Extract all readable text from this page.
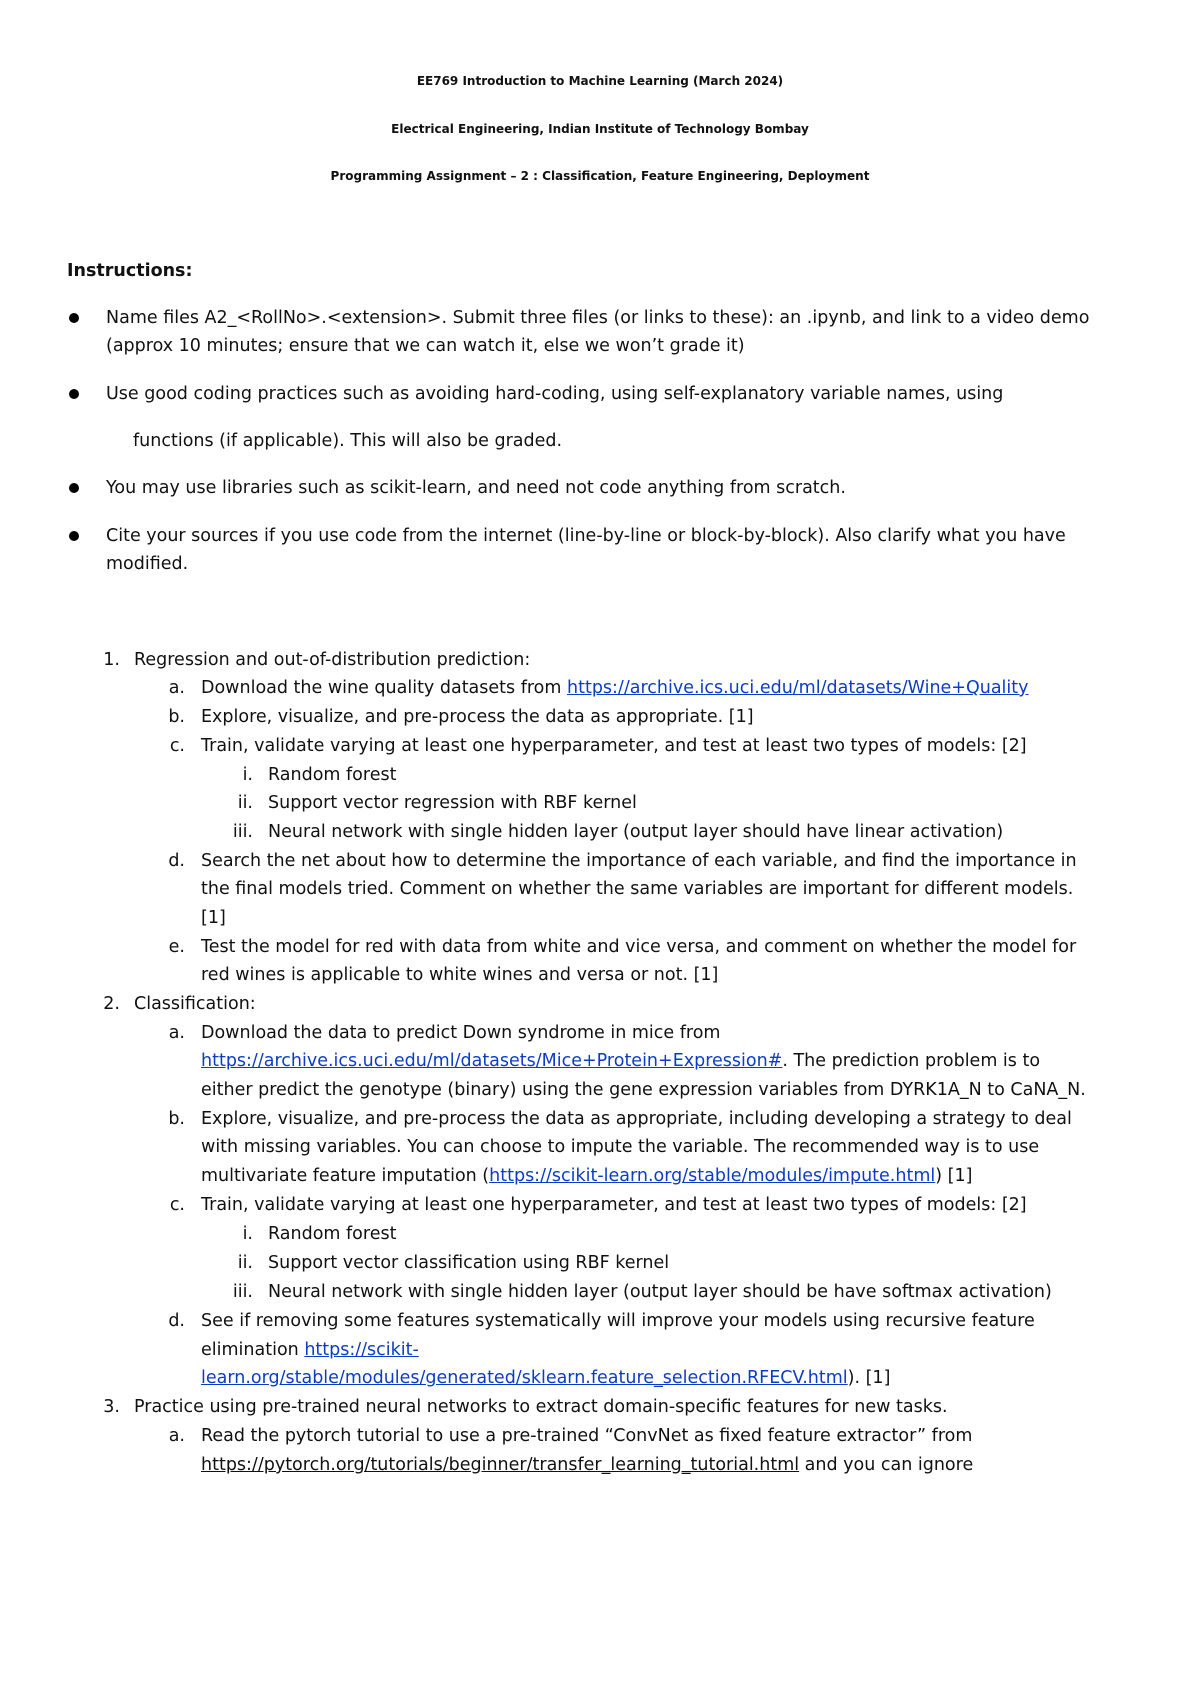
EE769 Introduction to Machine Learning (March 2024)
Electrical Engineering, Indian Institute of Technology Bombay
Programming Assignment – 2 : Classification, Feature Engineering, Deployment
Instructions:
Name files A2_<RollNo>.<extension>. Submit three files (or links to these): an .ipynb, and link to a video demo
(approx 10 minutes; ensure that we can watch it, else we won’t grade it)
Use good coding practices such as avoiding hard-coding, using self-explanatory variable names, using
functions (if applicable). This will also be graded.
You may use libraries such as scikit-learn, and need not code anything from scratch.
Cite your sources if you use code from the internet (line-by-line or block-by-block). Also clarify what you have
modified.
1. Regression and out-of-distribution prediction:
a. Download the wine quality datasets from https://archive.ics.uci.edu/ml/datasets/Wine+Quality
b. Explore, visualize, and pre-process the data as appropriate. [1]
c. Train, validate varying at least one hyperparameter, and test at least two types of models: [2]
i. Random forest
ii. Support vector regression with RBF kernel
iii. Neural network with single hidden layer (output layer should have linear activation)
d. Search the net about how to determine the importance of each variable, and find the importance in
the final models tried. Comment on whether the same variables are important for different models.
[1]
e. Test the model for red with data from white and vice versa, and comment on whether the model for
red wines is applicable to white wines and versa or not. [1]
2. Classification:
a. Download the data to predict Down syndrome in mice from
https://archive.ics.uci.edu/ml/datasets/Mice+Protein+Expression#. The prediction problem is to
either predict the genotype (binary) using the gene expression variables from DYRK1A_N to CaNA_N.
b. Explore, visualize, and pre-process the data as appropriate, including developing a strategy to deal
with missing variables. You can choose to impute the variable. The recommended way is to use
multivariate feature imputation (https://scikit-learn.org/stable/modules/impute.html) [1]
c. Train, validate varying at least one hyperparameter, and test at least two types of models: [2]
i. Random forest
ii. Support vector classification using RBF kernel
iii. Neural network with single hidden layer (output layer should be have softmax activation)
d. See if removing some features systematically will improve your models using recursive feature
elimination https://scikit-
learn.org/stable/modules/generated/sklearn.feature_selection.RFECV.html). [1]
3. Practice using pre-trained neural networks to extract domain-specific features for new tasks.
a. Read the pytorch tutorial to use a pre-trained “ConvNet as fixed feature extractor” from
https://pytorch.org/tutorials/beginner/transfer_learning_tutorial.html and you can ignore
